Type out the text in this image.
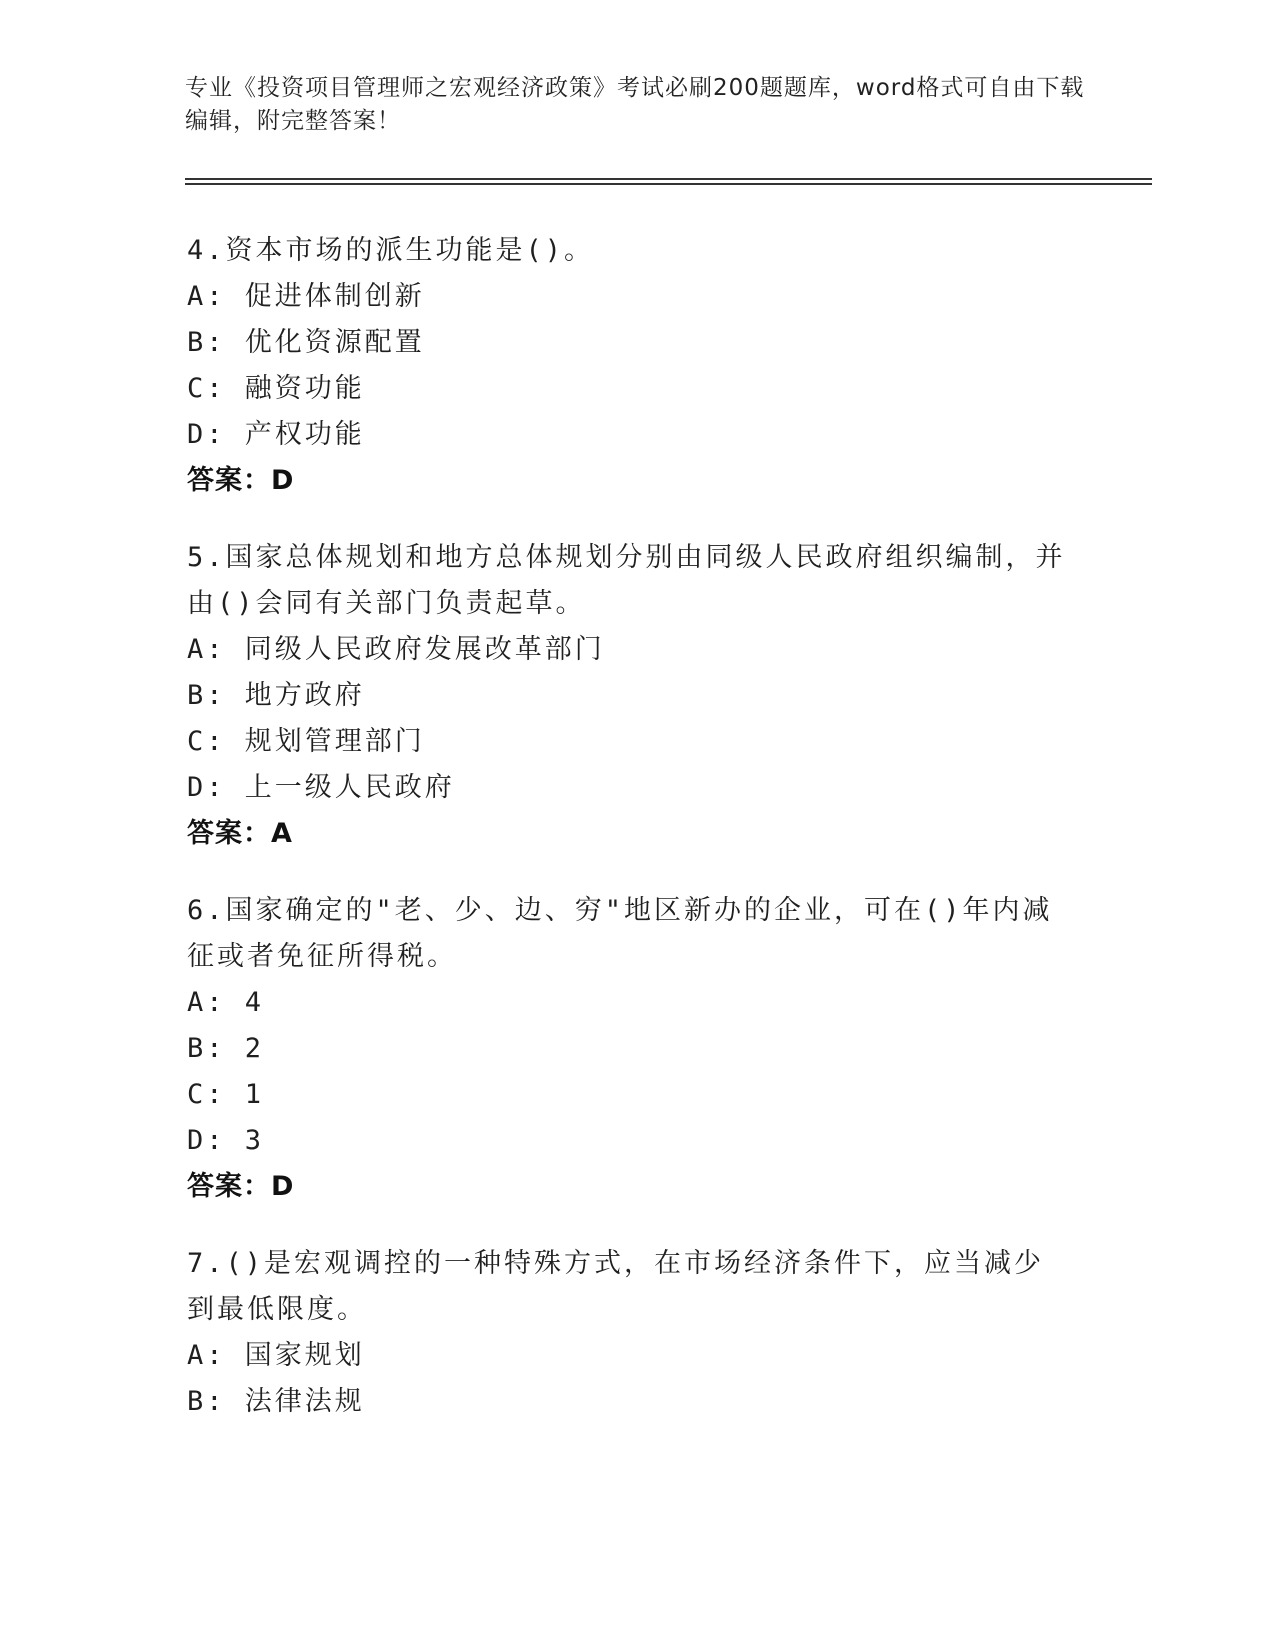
专业《投资项目管理师之宏观经济政策》考试必刷200题题库，word格式可自由下载编辑，附完整答案！
4.资本市场的派生功能是()。
A: 促进体制创新
B: 优化资源配置
C: 融资功能
D: 产权功能
答案：D
5.国家总体规划和地方总体规划分别由同级人民政府组织编制，并由()会同有关部门负责起草。
A: 同级人民政府发展改革部门
B: 地方政府
C: 规划管理部门
D: 上一级人民政府
答案：A
6.国家确定的"老、少、边、穷"地区新办的企业，可在()年内减征或者免征所得税。
A: 4
B: 2
C: 1
D: 3
答案：D
7.()是宏观调控的一种特殊方式，在市场经济条件下，应当减少到最低限度。
A: 国家规划
B: 法律法规
